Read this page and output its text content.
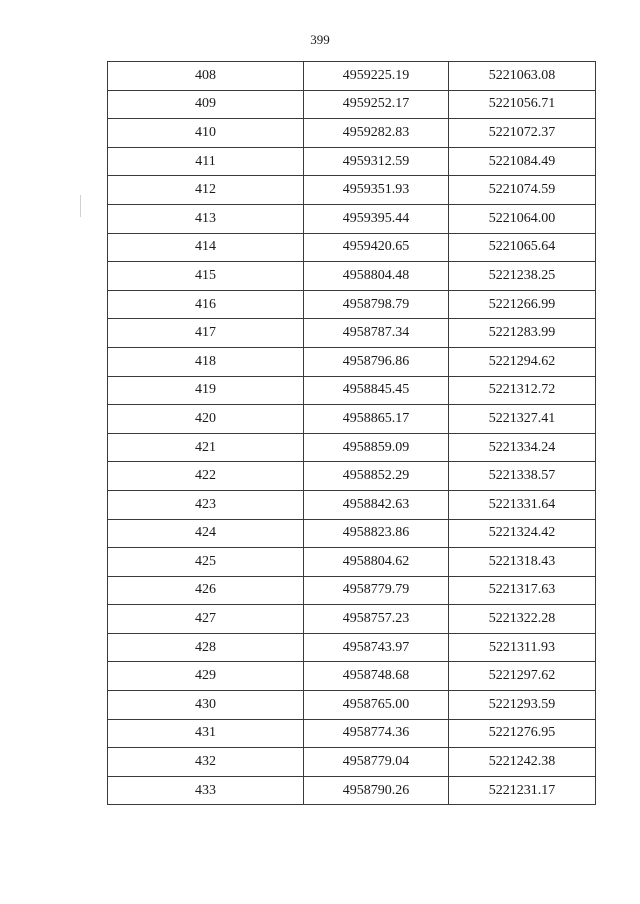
399
408	4959225.19	5221063.08
409	4959252.17	5221056.71
410	4959282.83	5221072.37
411	4959312.59	5221084.49
412	4959351.93	5221074.59
413	4959395.44	5221064.00
414	4959420.65	5221065.64
415	4958804.48	5221238.25
416	4958798.79	5221266.99
417	4958787.34	5221283.99
418	4958796.86	5221294.62
419	4958845.45	5221312.72
420	4958865.17	5221327.41
421	4958859.09	5221334.24
422	4958852.29	5221338.57
423	4958842.63	5221331.64
424	4958823.86	5221324.42
425	4958804.62	5221318.43
426	4958779.79	5221317.63
427	4958757.23	5221322.28
428	4958743.97	5221311.93
429	4958748.68	5221297.62
430	4958765.00	5221293.59
431	4958774.36	5221276.95
432	4958779.04	5221242.38
433	4958790.26	5221231.17
